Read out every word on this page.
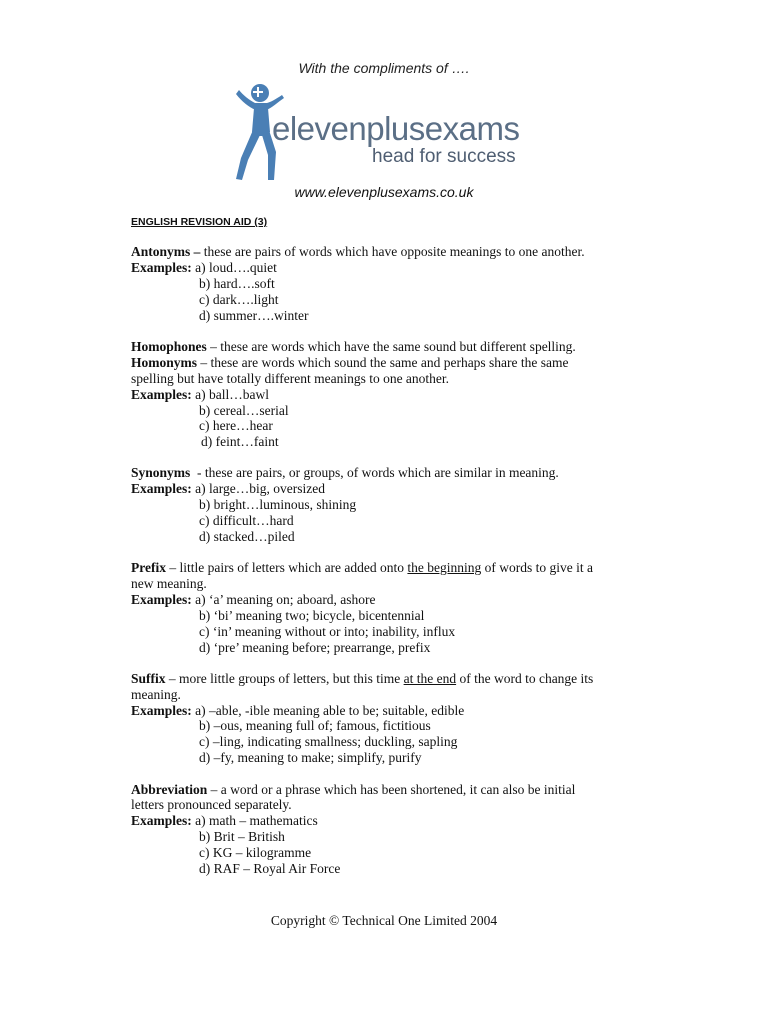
With the compliments of ….
elevenplusexams
head for success
www.elevenplusexams.co.uk
ENGLISH REVISION AID (3)
Antonyms – these are pairs of words which have opposite meanings to one another.
Examples: a) loud….quiet
b) hard….soft
c) dark….light
d) summer….winter
Homophones – these are words which have the same sound but different spelling.
Homonyms – these are words which sound the same and perhaps share the same
spelling but have totally different meanings to one another.
Examples: a) ball…bawl
b) cereal…serial
c) here…hear
d) feint…faint
Synonyms  - these are pairs, or groups, of words which are similar in meaning.
Examples: a) large…big, oversized
b) bright…luminous, shining
c) difficult…hard
d) stacked…piled
Prefix – little pairs of letters which are added onto the beginning of words to give it a
new meaning.
Examples: a) ‘a’ meaning on; aboard, ashore
b) ‘bi’ meaning two; bicycle, bicentennial
c) ‘in’ meaning without or into; inability, influx
d) ‘pre’ meaning before; prearrange, prefix
Suffix – more little groups of letters, but this time at the end of the word to change its
meaning.
Examples: a) –able, -ible meaning able to be; suitable, edible
b) –ous, meaning full of; famous, fictitious
c) –ling, indicating smallness; duckling, sapling
d) –fy, meaning to make; simplify, purify
Abbreviation – a word or a phrase which has been shortened, it can also be initial
letters pronounced separately.
Examples: a) math – mathematics
b) Brit – British
c) KG – kilogramme
d) RAF – Royal Air Force
Copyright © Technical One Limited 2004
